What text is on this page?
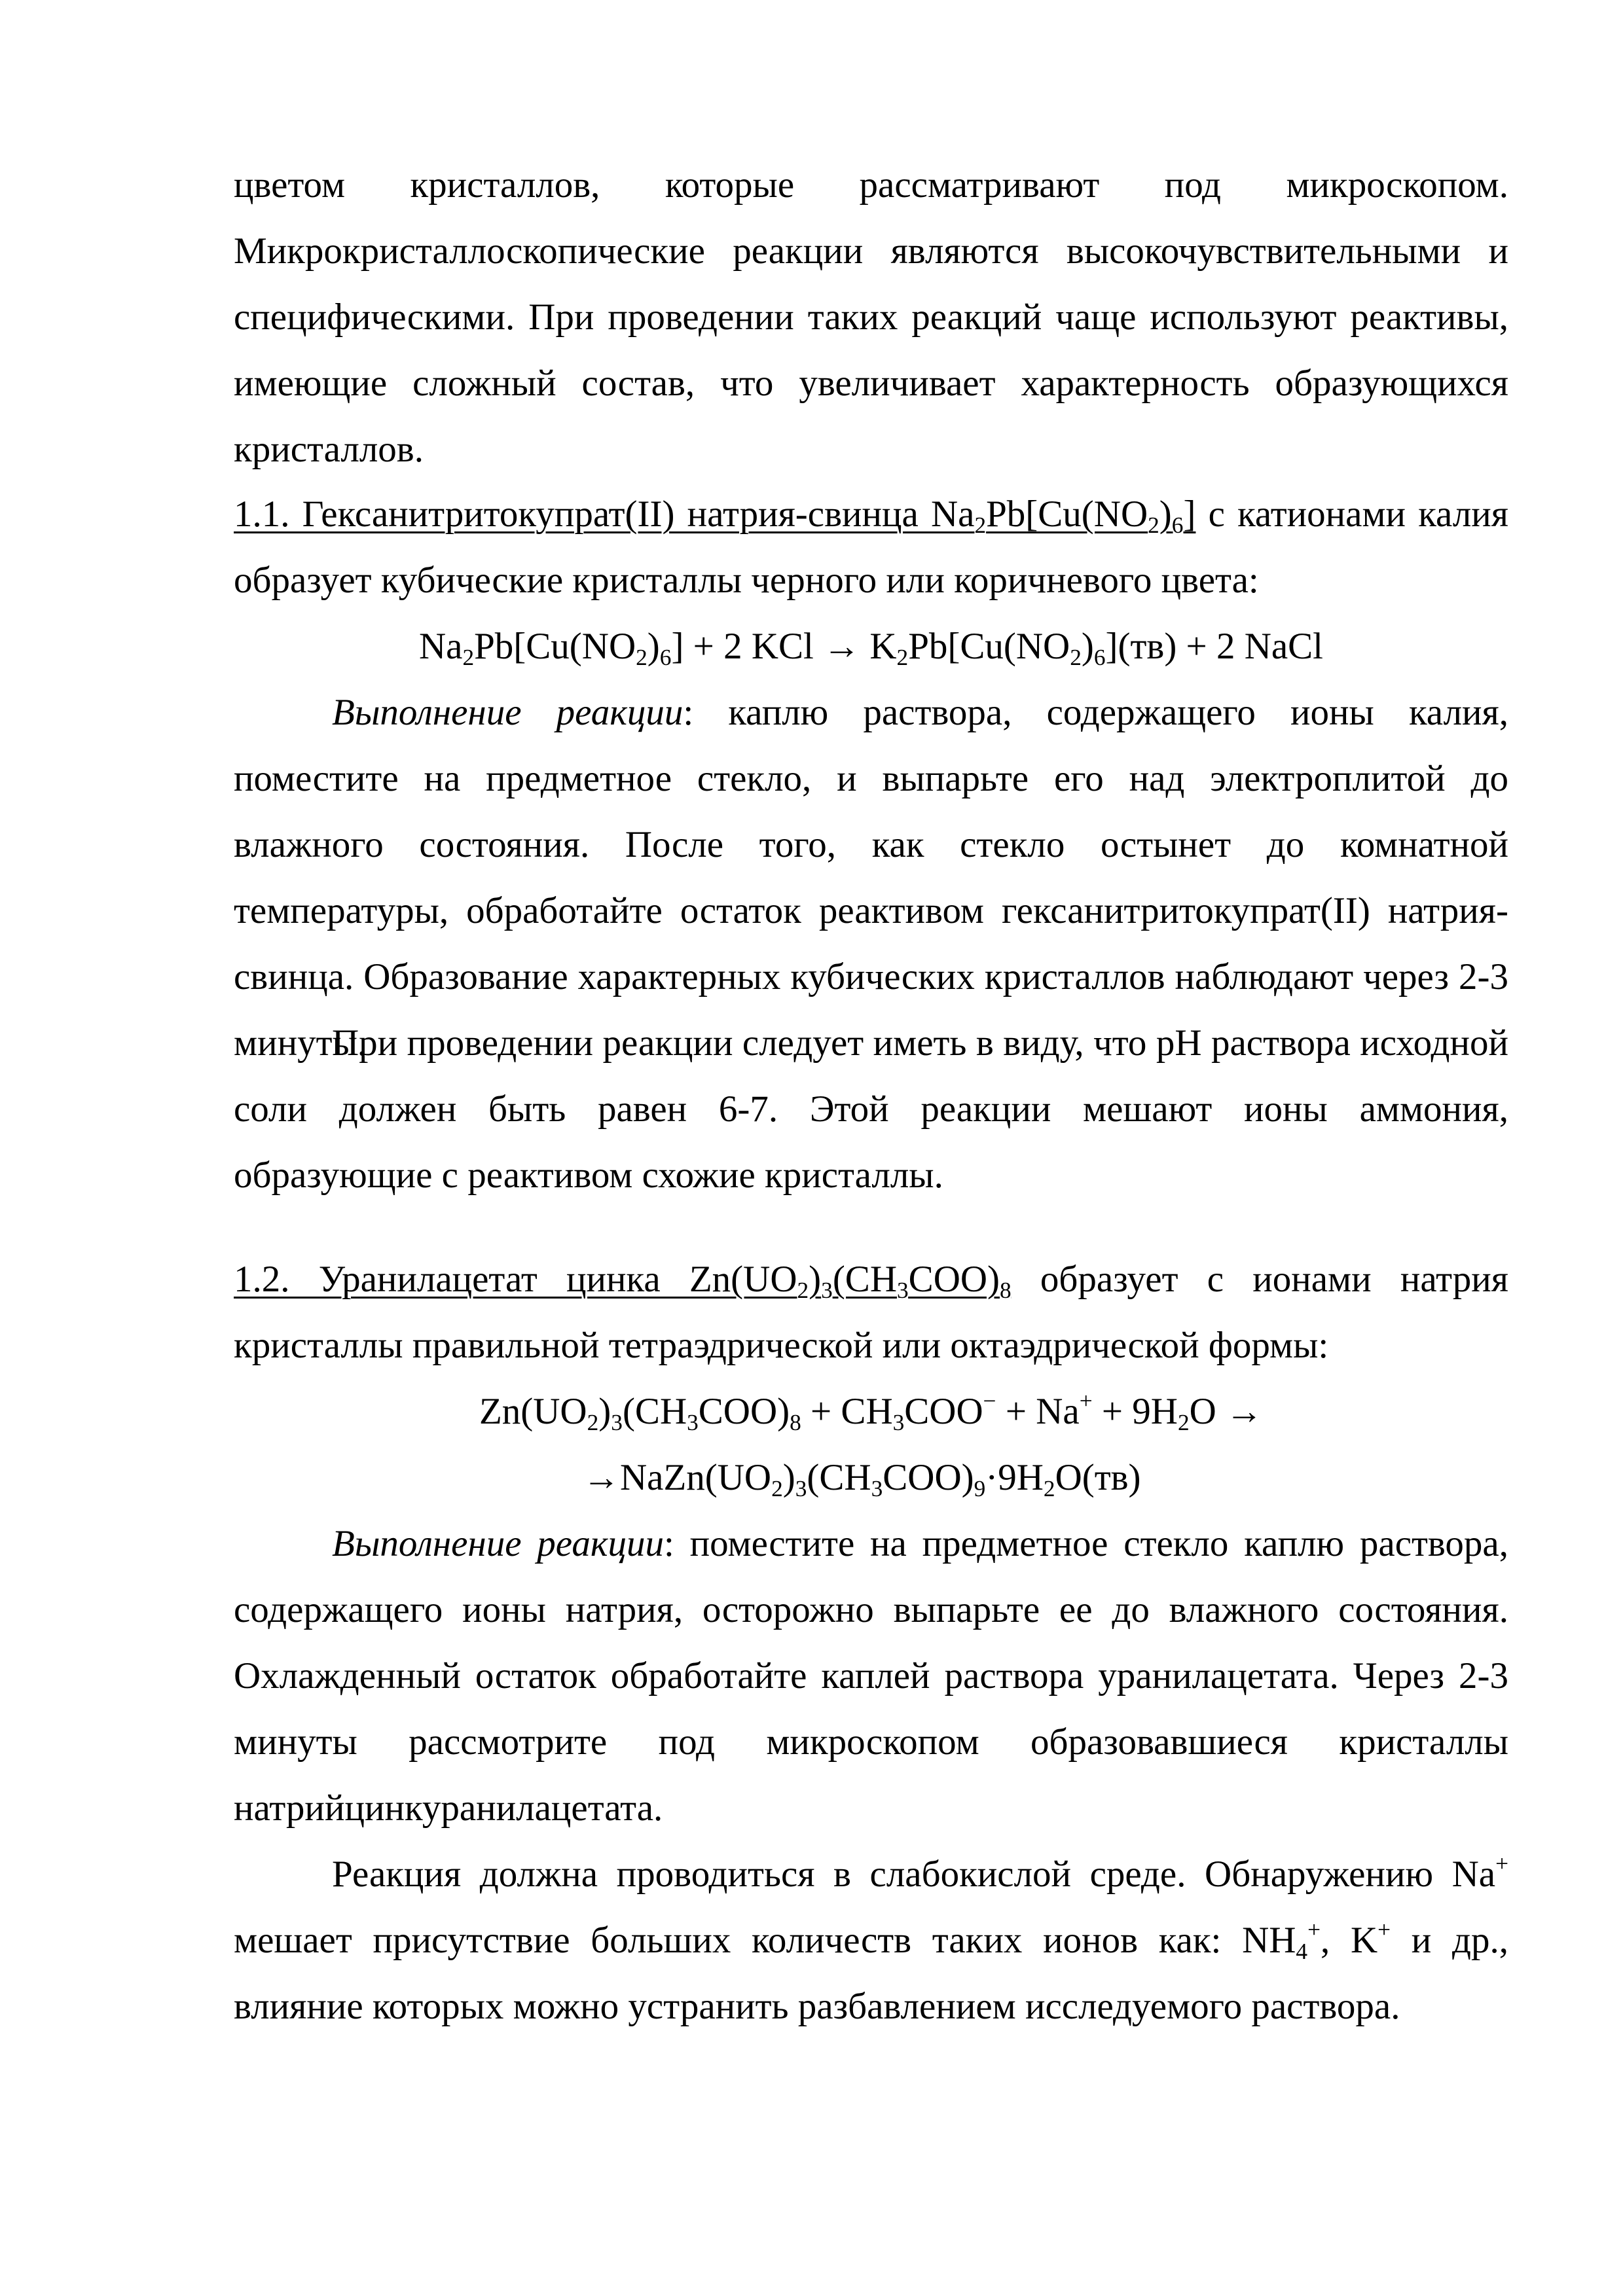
цветом кристаллов, которые рассматривают под микроскопом. Микрокристаллоскопические реакции являются высокочувствительными и специфическими. При проведении таких реакций чаще используют реактивы, имеющие сложный состав, что увеличивает характерность образующихся кристаллов.

1.1. Гексанитритокупрат(II) натрия-свинца $Na_2Pb[Cu(NO_2)_6]$ с катионами калия образует кубические кристаллы черного или коричневого цвета:

$Na_2Pb[Cu(NO_2)_6] + 2$ KCl → $K_2Pb[Cu(NO_2)_6](тв) + 2$ NaCl

Выполнение реакции: каплю раствора, содержащего ионы калия, поместите на предметное стекло, и выпарьте его над электроплитой до влажного состояния. После того, как стекло остынет до комнатной температуры, обработайте остаток реактивом гексанитритокупрат(II) натрия-свинца. Образование характерных кубических кристаллов наблюдают через 2-3 минуты.

При проведении реакции следует иметь в виду, что рН раствора исходной соли должен быть равен 6-7. Этой реакции мешают ионы аммония, образующие с реактивом схожие кристаллы.

1.2. Уранилацетат цинка $Zn(UO_2)_3(CH_3COO)_8$ образует с ионами натрия кристаллы правильной тетраэдрической или октаэдрической формы:

$Zn(UO_2)_3(CH_3COO)_8 + CH_3COO^- + Na^+ + 9H_2O$ →

$\to NaZn(UO_2)_3(CH_3COO)_9\cdot 9H_2O(тв)$

Выполнение реакции: поместите на предметное стекло каплю раствора, содержащего ионы натрия, осторожно выпарьте ее до влажного состояния. Охлажденный остаток обработайте каплей раствора уранилацетата. Через 2-3 минуты рассмотрите под микроскопом образовавшиеся кристаллы натрийцинкуранилацетата.

Реакция должна проводиться в слабокислой среде. Обнаружению Na+ мешает присутствие больших количеств таких ионов как: $NH_4^+$, K+ и др., влияние которых можно устранить разбавлением исследуемого раствора.
